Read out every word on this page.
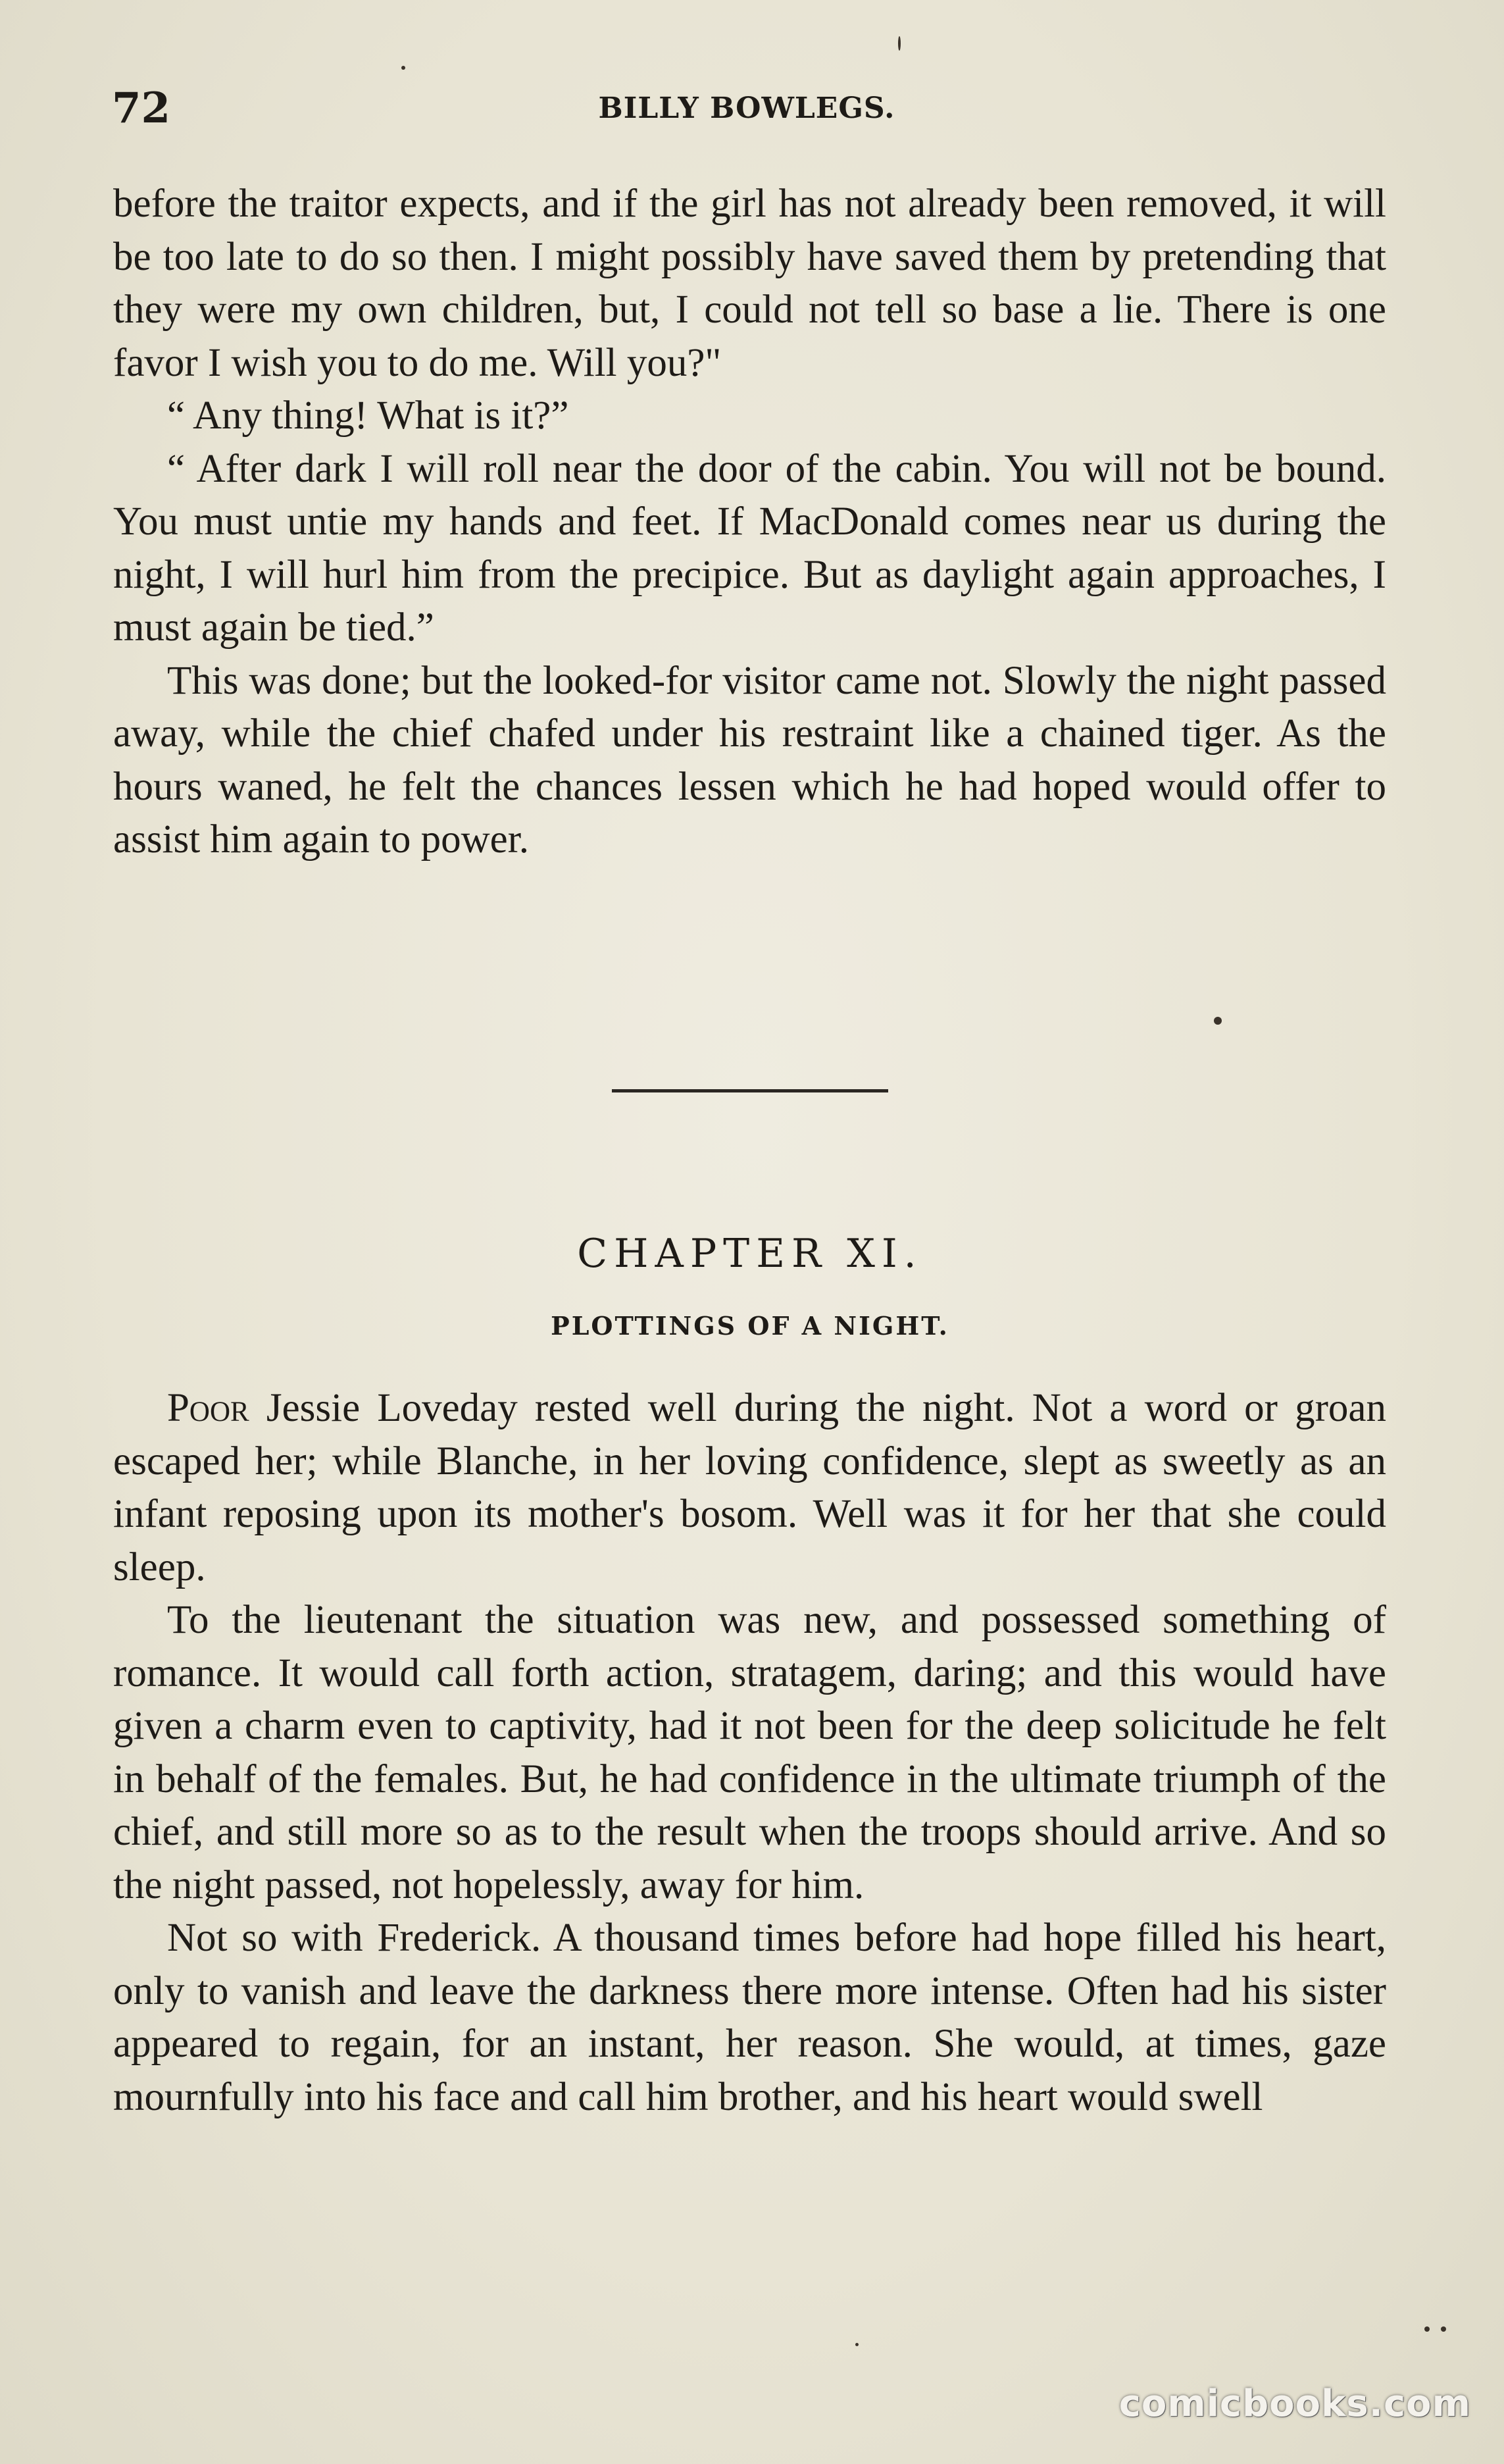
72	BILLY BOWLEGS.

before the traitor expects, and if the girl has not already been removed, it will be too late to do so then. I might possibly have saved them by pretending that they were my own children, but, I could not tell so base a lie. There is one favor I wish you to do me. Will you?"

“ Any thing! What is it?”

“ After dark I will roll near the door of the cabin. You will not be bound. You must untie my hands and feet. If MacDonald comes near us during the night, I will hurl him from the precipice. But as daylight again approaches, I must again be tied.”

This was done; but the looked-for visitor came not. Slowly the night passed away, while the chief chafed under his restraint like a chained tiger. As the hours waned, he felt the chances lessen which he had hoped would offer to assist him again to power.

CHAPTER XI.
PLOTTINGS OF A NIGHT.

Poor Jessie Loveday rested well during the night. Not a word or groan escaped her; while Blanche, in her loving confidence, slept as sweetly as an infant reposing upon its mother's bosom. Well was it for her that she could sleep.

To the lieutenant the situation was new, and possessed something of romance. It would call forth action, stratagem, daring; and this would have given a charm even to captivity, had it not been for the deep solicitude he felt in behalf of the females. But, he had confidence in the ultimate triumph of the chief, and still more so as to the result when the troops should arrive. And so the night passed, not hopelessly, away for him.

Not so with Frederick. A thousand times before had hope filled his heart, only to vanish and leave the darkness there more intense. Often had his sister appeared to regain, for an instant, her reason. She would, at times, gaze mournfully into his face and call him brother, and his heart would swell

comicbooks.com
